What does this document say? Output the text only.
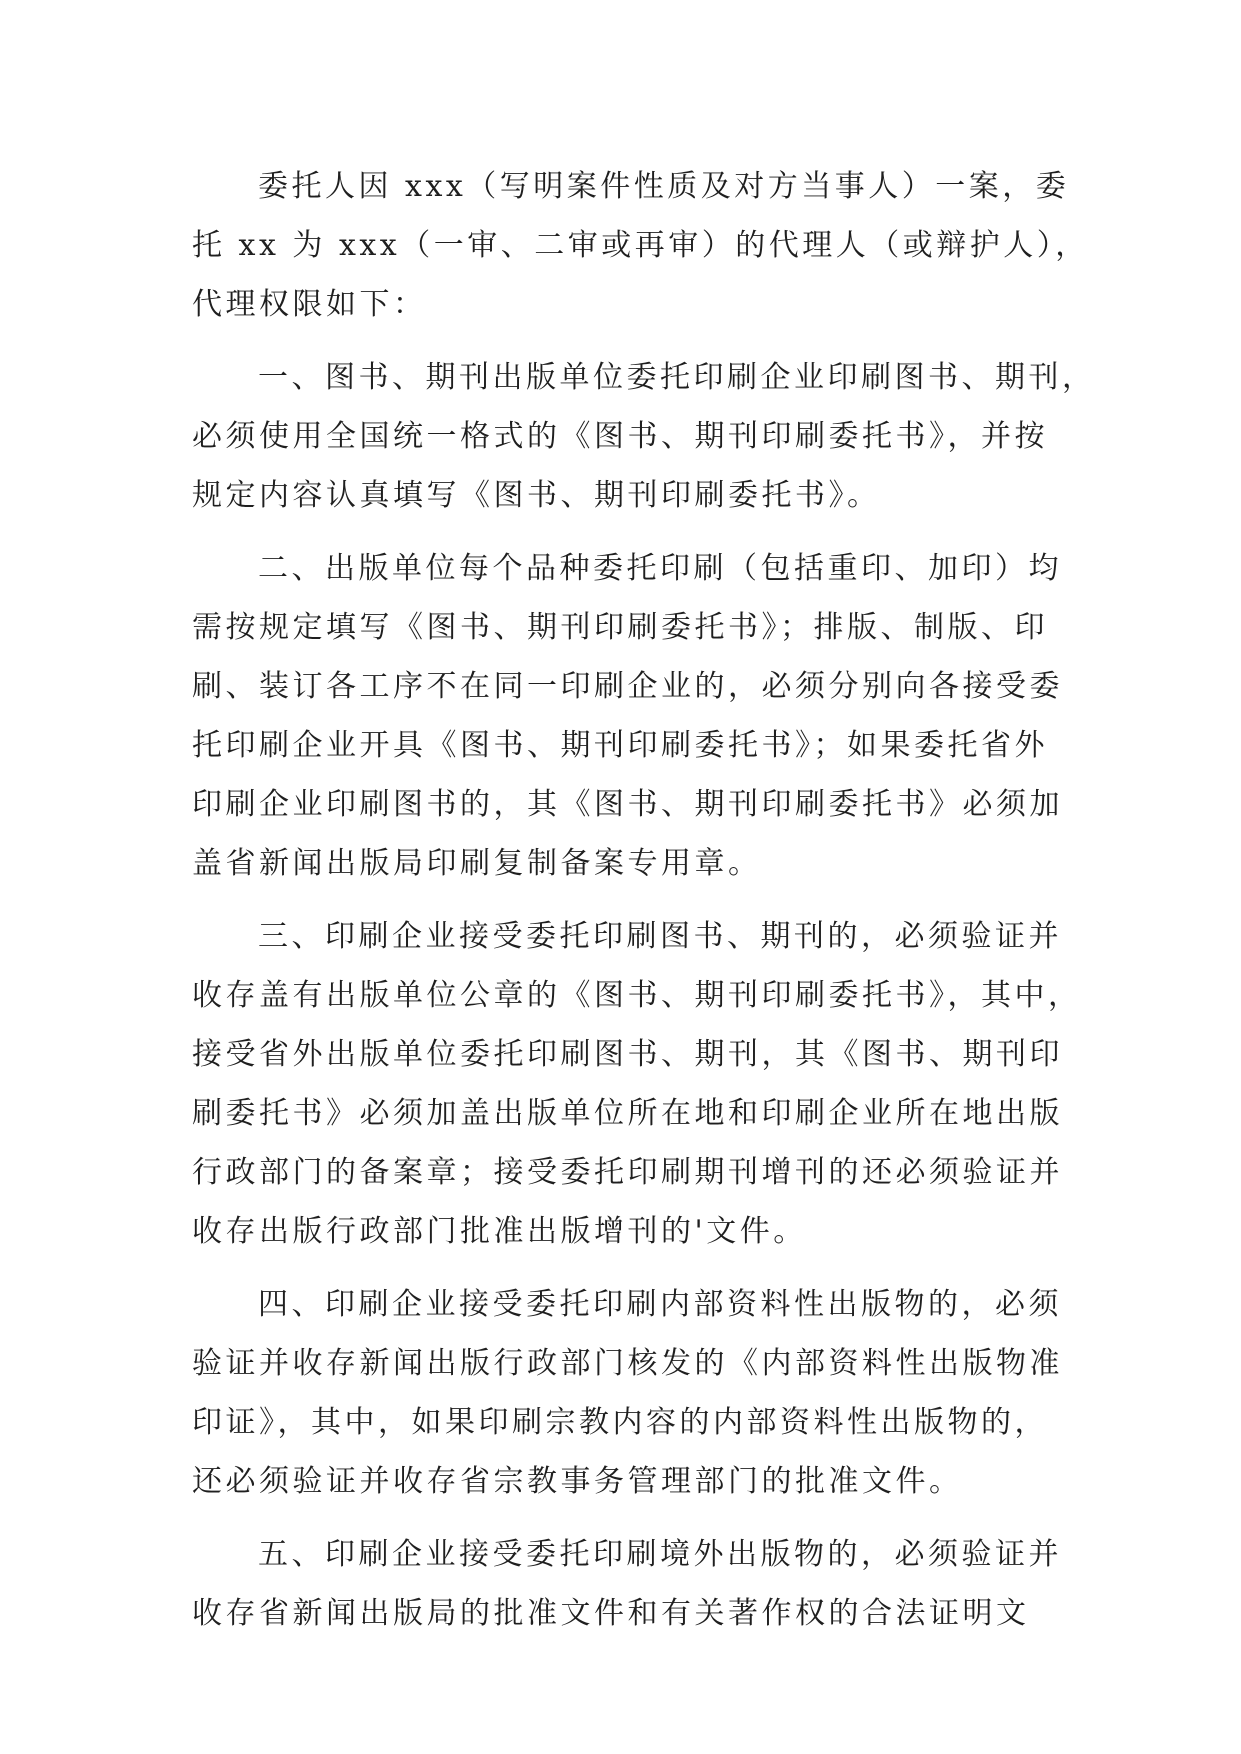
委托人因 xxx（写明案件性质及对方当事人）一案，委
托 xx 为 xxx（一审、二审或再审）的代理人（或辩护人），
代理权限如下：
一、图书、期刊出版单位委托印刷企业印刷图书、期刊，
必须使用全国统一格式的《图书、期刊印刷委托书》，并按
规定内容认真填写《图书、期刊印刷委托书》。
二、出版单位每个品种委托印刷（包括重印、加印）均
需按规定填写《图书、期刊印刷委托书》；排版、制版、印
刷、装订各工序不在同一印刷企业的，必须分别向各接受委
托印刷企业开具《图书、期刊印刷委托书》；如果委托省外
印刷企业印刷图书的，其《图书、期刊印刷委托书》必须加
盖省新闻出版局印刷复制备案专用章。
三、印刷企业接受委托印刷图书、期刊的，必须验证并
收存盖有出版单位公章的《图书、期刊印刷委托书》，其中，
接受省外出版单位委托印刷图书、期刊，其《图书、期刊印
刷委托书》必须加盖出版单位所在地和印刷企业所在地出版
行政部门的备案章；接受委托印刷期刊增刊的还必须验证并
收存出版行政部门批准出版增刊的'文件。
四、印刷企业接受委托印刷内部资料性出版物的，必须
验证并收存新闻出版行政部门核发的《内部资料性出版物准
印证》，其中，如果印刷宗教内容的内部资料性出版物的，
还必须验证并收存省宗教事务管理部门的批准文件。
五、印刷企业接受委托印刷境外出版物的，必须验证并
收存省新闻出版局的批准文件和有关著作权的合法证明文
